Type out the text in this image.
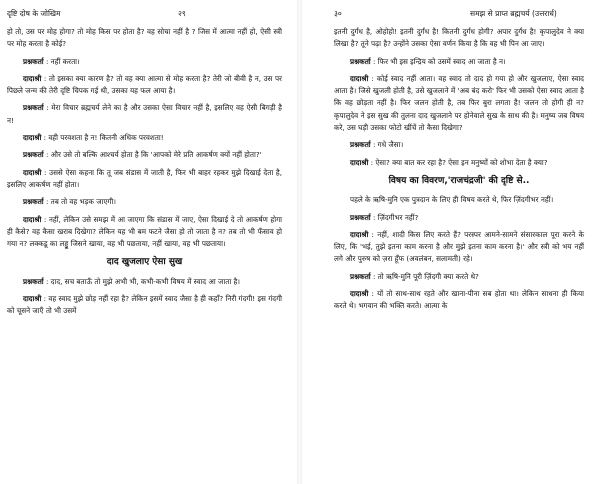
दृष्टि दोष के जोखिम	२९

हो तो, उस पर मोह होगा? तो मोह किस पर होता है? वह सोचा नहीं है ? जिस में आत्मा नहीं हो, ऐसी स्त्री पर मोह करता है कोई?

प्रश्नकर्ता : नहीं करता।

दादाश्री : तो इसका क्या कारण है? तो वह क्या आत्मा से मोह करता है? तेरी जो बीवी है न, उस पर पिछले जन्म की तेरी दृष्टि चिपक गई थी, उसका यह फल आया है।

प्रश्नकर्ता : मेरा विचार ब्रह्मचर्य लेने का है और उसका ऐसा विचार नहीं है, इसलिए वह ऐसी बिगड़ी है न!

दादाश्री : वही परवशता है न! कितनी अधिक परवशता!

प्रश्नकर्ता : और उसे तो बल्कि आश्चर्य होता है कि 'आपको मेरे प्रति आकर्षण क्यों नहीं होता?'

दादाश्री : उससे ऐसा कहना कि तू जब संडास में जाती है, फिर भी बाहर रहकर मुझे दिखाई देता है, इसलिए आकर्षण नहीं होता।

प्रश्नकर्ता : तब तो वह भड़क जाएगी।

दादाश्री : नहीं, लेकिन उसे समझ में आ जाएगा कि संडास में जाए, ऐसा दिखाई दे तो आकर्षण होगा ही कैसे? वह कैसा खराब दिखेगा? लेकिन यह भी बम फटने जैसा हो तो जाता है न? तब तो भी फँसाव हो गया न? लक्कडू का लड्डू जिसने खाया, वह भी पछताया, नहीं खाया, वह भी पछताया।

दाद खुजलाए ऐसा सुख

प्रश्नकर्ता : दाद, सच बताऊँ तो मुझे अभी भी, कभी-कभी विषय में स्वाद आ जाता है।

दादाश्री : वह स्वाद मुझे छोड़ नहीं रहा है? लेकिन इसमें स्वाद जैसा है ही कहाँ? निरी गंदगी! इस गंदगी को चूसने जाएँ तो भी उसमें

३०	समझ से प्राप्त ब्रह्मचर्य (उत्तरार्ध)

इतनी दुर्गंध है, ओहोहो! इतनी दुर्गंध है! कितनी दुर्गंध होगी? अपार दुर्गंध है! कृपालुदेव ने क्या लिखा है? तूने पढ़ा है? उन्होंने उसका ऐसा वर्णन किया है कि वह भी पिन आ जाए।

प्रश्नकर्ता : फिर भी इस इन्द्रिय को उसमें स्वाद आ जाता है न।

दादाश्री : कोई स्वाद नहीं आता। वह स्वाद तो दाद हो गया हो और खुजलाए, ऐसा स्वाद आता है। जिसे खुजली होती है, उसे खुजलाने में 'अब बंद करो' फिर भी उसको ऐसा स्वाद आता है कि वह छोड़ता नहीं है। फिर जलन होती है, तब फिर बुरा लगता है! जलन तो होगी ही न? कृपालुदेव ने इस सुख की तुलना दाद खुजलाने पर होनेवाले सुख के साथ की है। मनुष्य जब विषय करे, उस घड़ी उसका फोटो खींचें तो कैसा दिखेगा?

प्रश्नकर्ता : गधे जैसा।

दादाश्री : ऐसा? क्या बात कर रहा है? ऐसा इन मनुष्यों को शोभा देता है क्या?

विषय का विवरण,'राजचंद्रजी' की दृष्टि से..

पहले के ऋषि-मुनि एक पुत्रदान के लिए ही विषय करते थे, फिर ज़िंदगीभर नहीं।

प्रश्नकर्ता : ज़िंदगीभर नहीं?

दादाश्री : नहीं, शादी किस लिए करते हैं? परस्पर आमने-सामने संसारकाल पूरा करने के लिए, कि 'भई, तुझे इतना काम करना है और मुझे इतना काम करना है।' और स्त्री को भय नहीं लगे और पुरुष को ज़रा हूँफ (अवलंबन, सलामती) रहे।

प्रश्नकर्ता : तो ऋषि-मुनि पूरी ज़िंदगी क्या करते थे?

दादाश्री : यों तो साथ-साथ रहते और खाना-पीना सब होता था। लेकिन साधना ही किया करते थे। भगवान की भक्ति करते। आत्मा के
